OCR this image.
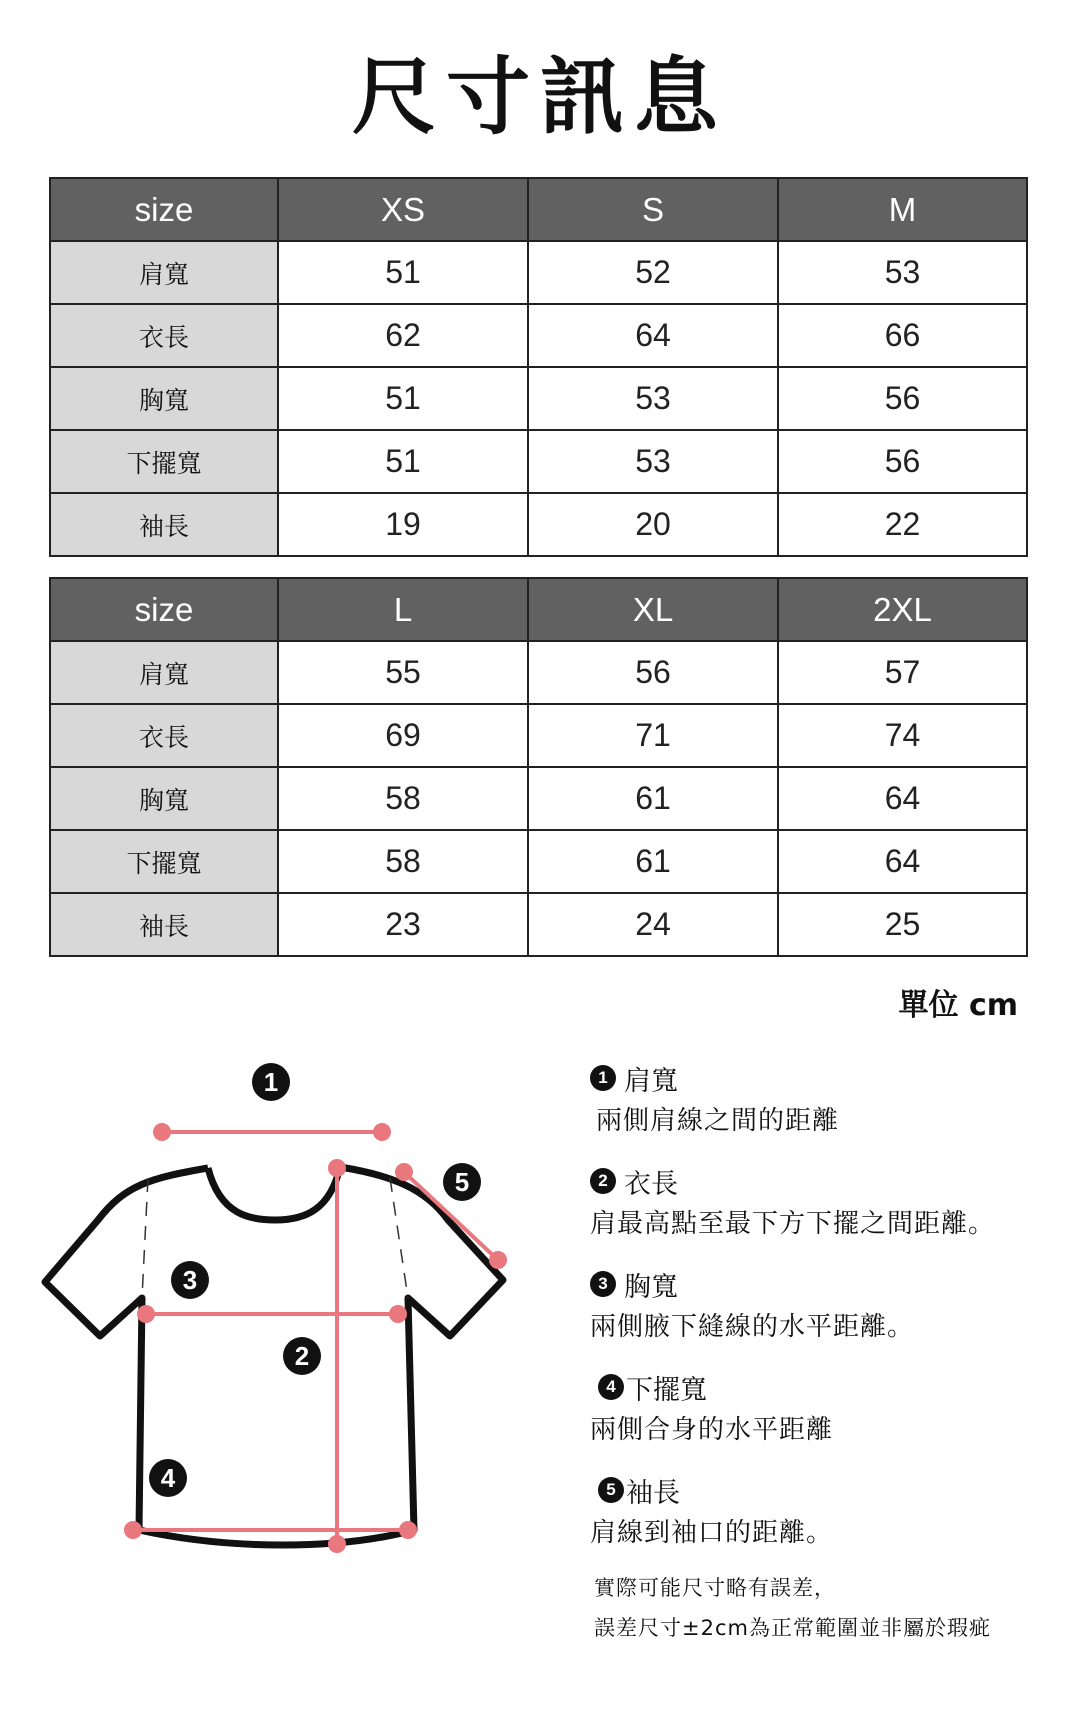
尺寸訊息
size	XS	S	M
肩寬	51	52	53
衣長	62	64	66
胸寬	51	53	56
下擺寬	51	53	56
袖長	19	20	22
size	L	XL	2XL
肩寬	55	56	57
衣長	69	71	74
胸寬	58	61	64
下擺寬	58	61	64
袖長	23	24	25
單位 cm
1
2
3
4
5
1 肩寬
兩側肩線之間的距離
2 衣長
肩最高點至最下方下擺之間距離。
3 胸寬
兩側腋下縫線的水平距離。
4 下擺寬
兩側合身的水平距離
5 袖長
肩線到袖口的距離。
實際可能尺寸略有誤差，
誤差尺寸±2cm為正常範圍並非屬於瑕疵
